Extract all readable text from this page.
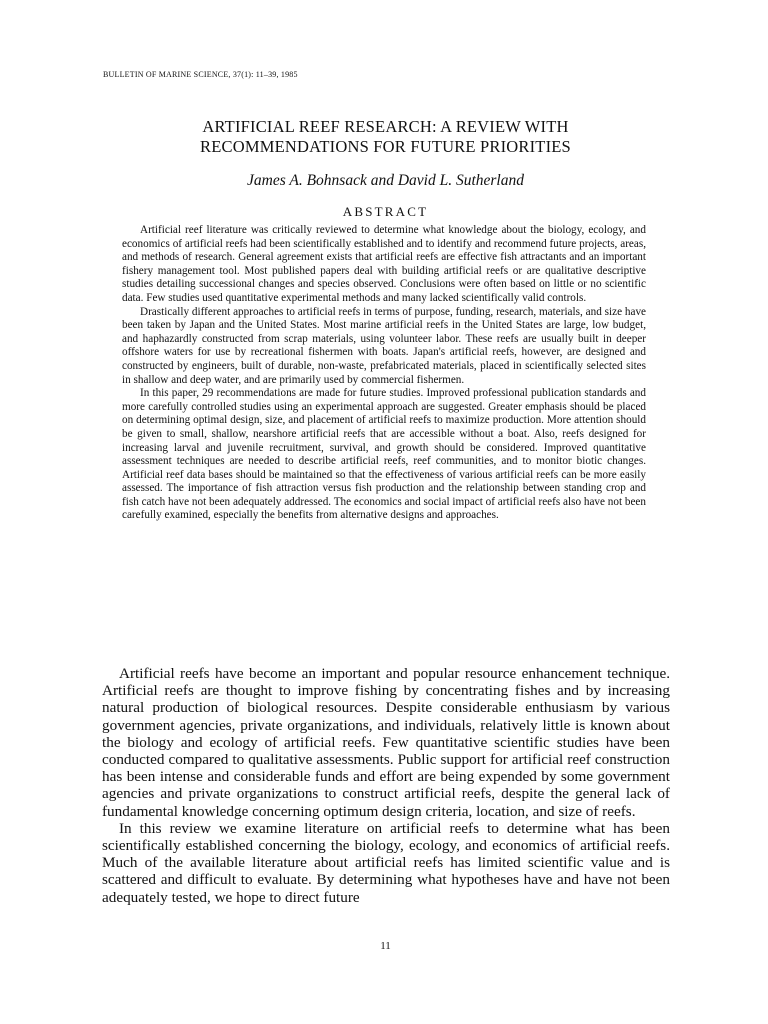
BULLETIN OF MARINE SCIENCE, 37(1): 11–39, 1985
ARTIFICIAL REEF RESEARCH: A REVIEW WITH
RECOMMENDATIONS FOR FUTURE PRIORITIES
James A. Bohnsack and David L. Sutherland
ABSTRACT

Artificial reef literature was critically reviewed to determine what knowledge about the biology, ecology, and economics of artificial reefs had been scientifically established and to identify and recommend future projects, areas, and methods of research. General agreement exists that artificial reefs are effective fish attractants and an important fishery management tool. Most published papers deal with building artificial reefs or are qualitative descriptive studies detailing successional changes and species observed. Conclusions were often based on little or no scientific data. Few studies used quantitative experimental methods and many lacked scientifically valid controls.

Drastically different approaches to artificial reefs in terms of purpose, funding, research, materials, and size have been taken by Japan and the United States. Most marine artificial reefs in the United States are large, low budget, and haphazardly constructed from scrap materials, using volunteer labor. These reefs are usually built in deeper offshore waters for use by recreational fishermen with boats. Japan's artificial reefs, however, are designed and constructed by engineers, built of durable, non-waste, prefabricated materials, placed in scientifically selected sites in shallow and deep water, and are primarily used by commercial fishermen.

In this paper, 29 recommendations are made for future studies. Improved professional publication standards and more carefully controlled studies using an experimental approach are suggested. Greater emphasis should be placed on determining optimal design, size, and placement of artificial reefs to maximize production. More attention should be given to small, shallow, nearshore artificial reefs that are accessible without a boat. Also, reefs designed for increasing larval and juvenile recruitment, survival, and growth should be considered. Improved quantitative assessment techniques are needed to describe artificial reefs, reef communities, and to monitor biotic changes. Artificial reef data bases should be maintained so that the effectiveness of various artificial reefs can be more easily assessed. The importance of fish attraction versus fish production and the relationship between standing crop and fish catch have not been adequately addressed. The economics and social impact of artificial reefs also have not been carefully examined, especially the benefits from alternative designs and approaches.

Artificial reefs have become an important and popular resource enhancement technique. Artificial reefs are thought to improve fishing by concentrating fishes and by increasing natural production of biological resources. Despite considerable enthusiasm by various government agencies, private organizations, and individuals, relatively little is known about the biology and ecology of artificial reefs. Few quantitative scientific studies have been conducted compared to qualitative assessments. Public support for artificial reef construction has been intense and considerable funds and effort are being expended by some government agencies and private organizations to construct artificial reefs, despite the general lack of fundamental knowledge concerning optimum design criteria, location, and size of reefs.

In this review we examine literature on artificial reefs to determine what has been scientifically established concerning the biology, ecology, and economics of artificial reefs. Much of the available literature about artificial reefs has limited scientific value and is scattered and difficult to evaluate. By determining what hypotheses have and have not been adequately tested, we hope to direct future

11
